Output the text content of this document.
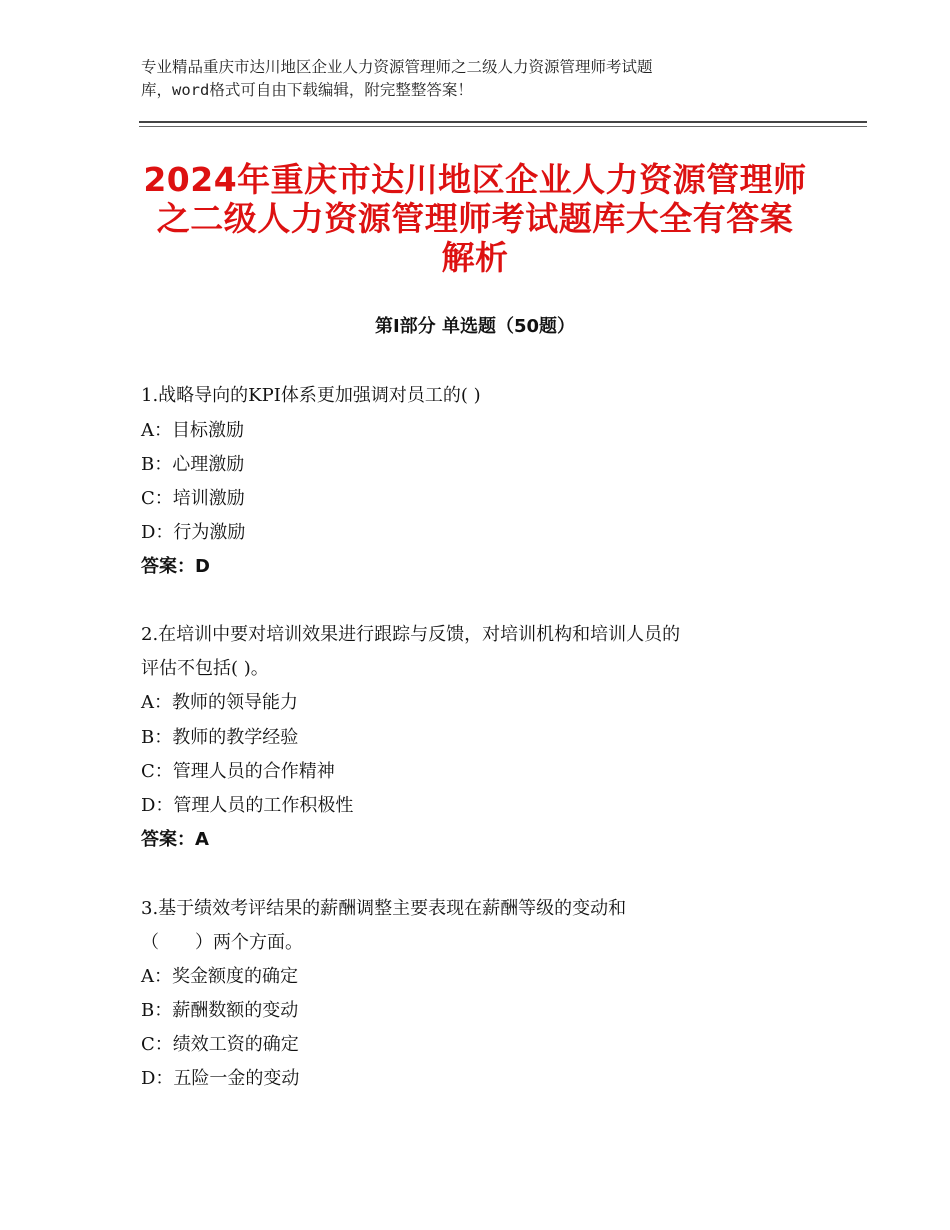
专业精品重庆市达川地区企业人力资源管理师之二级人力资源管理师考试题
库，word格式可自由下载编辑，附完整整答案！
2024年重庆市达川地区企业人力资源管理师
之二级人力资源管理师考试题库大全有答案
解析
第Ⅰ部分 单选题（50题）
1.战略导向的KPI体系更加强调对员工的( )
A：目标激励
B：心理激励
C：培训激励
D：行为激励
答案：D
2.在培训中要对培训效果进行跟踪与反馈，对培训机构和培训人员的
评估不包括( )。
A：教师的领导能力
B：教师的教学经验
C：管理人员的合作精神
D：管理人员的工作积极性
答案：A
3.基于绩效考评结果的薪酬调整主要表现在薪酬等级的变动和
（　　）两个方面。
A：奖金额度的确定
B：薪酬数额的变动
C：绩效工资的确定
D：五险一金的变动
